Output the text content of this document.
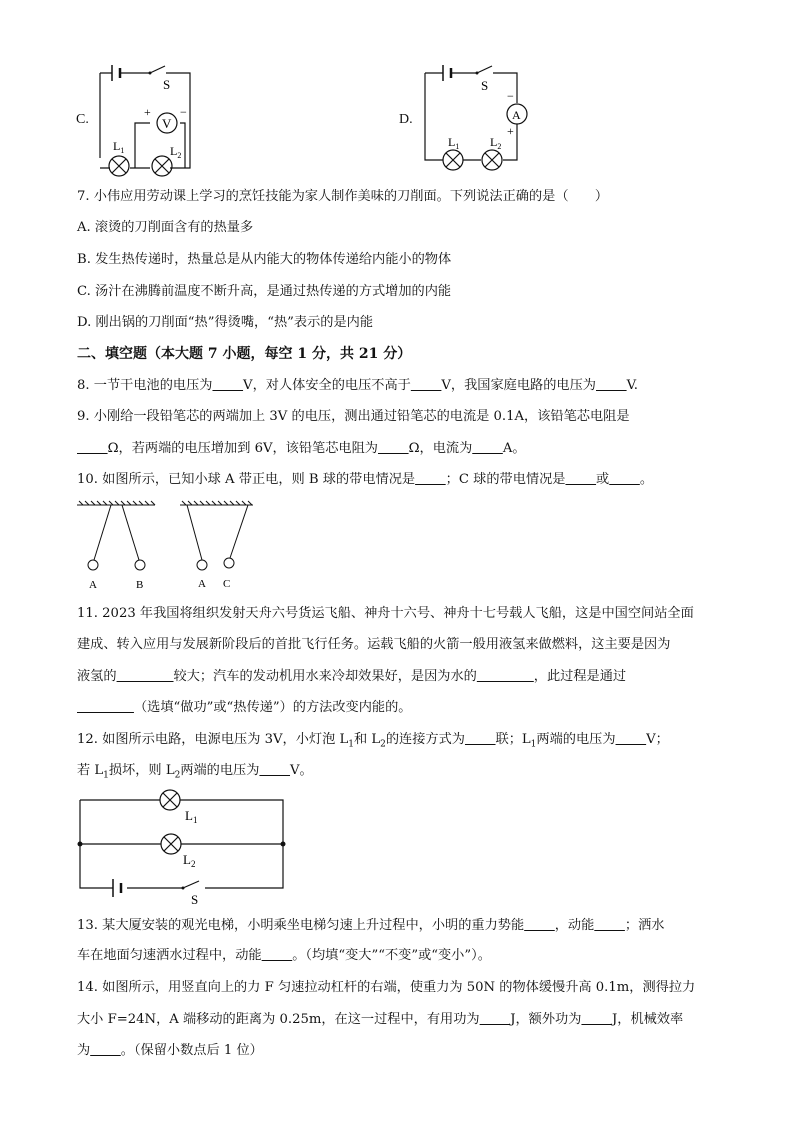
C.
S
V
+ −
$L_1$	$L_2$
D.
S
A
+
−
$L_1$	$L_2$
7. 小伟应用劳动课上学习的烹饪技能为家人制作美味的刀削面。下列说法正确的是（　　）
A. 滚烫的刀削面含有的热量多
B. 发生热传递时，热量总是从内能大的物体传递给内能小的物体
C. 汤汁在沸腾前温度不断升高，是通过热传递的方式增加的内能
D. 刚出锅的刀削面“热”得烫嘴，“热”表示的是内能
二、填空题（本大题 7 小题，每空 1 分，共 21 分）
8. 一节干电池的电压为   V，对人体安全的电压不高于   V，我国家庭电路的电压为   V.
9. 小刚给一段铅笔芯的两端加上 3V 的电压，测出通过铅笔芯的电流是 0.1A，该铅笔芯电阻是
   Ω，若两端的电压增加到 6V，该铅笔芯电阻为   Ω，电流为   A。
10. 如图所示，已知小球 A 带正电，则 B 球的带电情况是   ；C 球的带电情况是   或   。
A	B	A C
11. 2023 年我国将组织发射天舟六号货运飞船、神舟十六号、神舟十七号载人飞船，这是中国空间站全面
建成、转入应用与发展新阶段后的首批飞行任务。运载飞船的火箭一般用液氢来做燃料，这主要是因为
液氢的    	较大；汽车的发动机用水来冷却效果好，是因为水的    	，此过程是通过
     （选填“做功”或“热传递”）的方法改变内能的。
12. 如图所示电路，电源电压为 3V，小灯泡 $L_1$和 $L_2$的连接方式为   联；$L_1$两端的电压为   V；
若 $L_1$损坏，则 $L_2$两端的电压为   V。
$L_1$
$L_2$
S
13. 某大厦安装的观光电梯，小明乘坐电梯匀速上升过程中，小明的重力势能   ，动能   ；洒水
车在地面匀速洒水过程中，动能   。（均填“变大”“不变”或“变小”）。
14. 如图所示，用竖直向上的力 F 匀速拉动杠杆的右端，使重力为 50N 的物体缓慢升高 0.1m，测得拉力
大小 F=24N，A 端移动的距离为 0.25m，在这一过程中，有用功为   J，额外功为   J，机械效率
为   。（保留小数点后 1 位）
